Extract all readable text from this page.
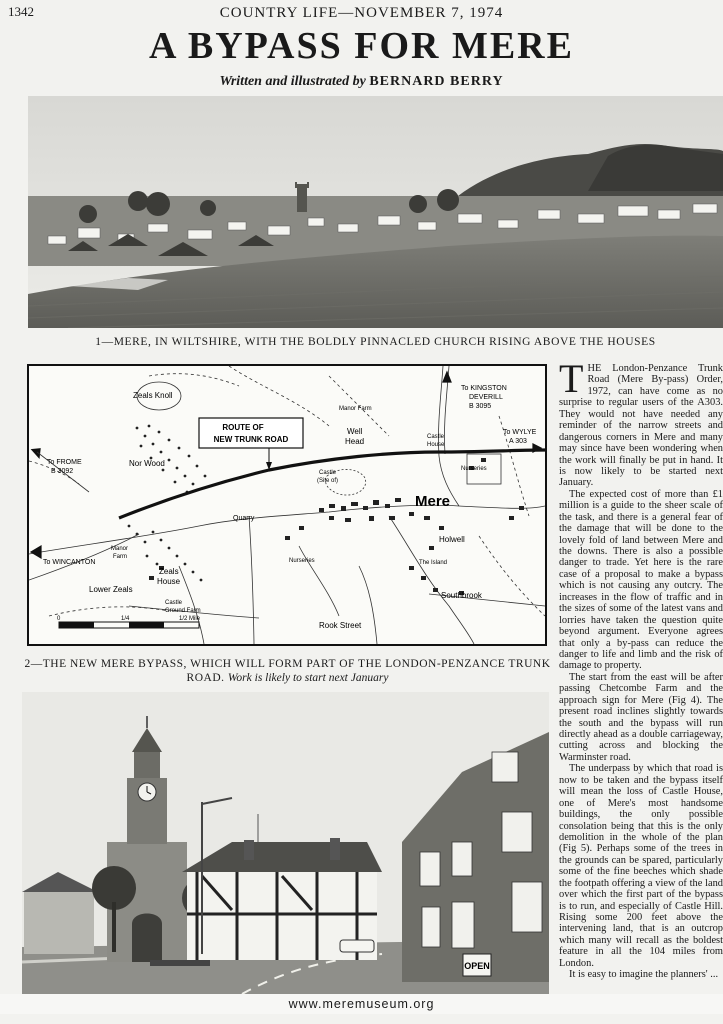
1342	COUNTRY LIFE—NOVEMBER 7, 1974
A BYPASS FOR MERE
Written and illustrated by BERNARD BERRY
1—MERE, IN WILTSHIRE, WITH THE BOLDLY PINNACLED CHURCH RISING ABOVE THE HOUSES
ROUTE OF
NEW TRUNK ROAD
Mere
To KINGSTON
DEVERILL
B 3095
To WYLYE
A 303
To FROME
B 3092
To WINCANTON
Zeals Knoll
Nor Wood
Manor Farm
Well
Head	Castle
House
Castle
(Site of)
Nurseries
Quarry
Nurseries
Holwell
The Island
Southbrook
Manor
Farm
Zeals
House
Lower Zeals
Castle
Ground Farm
Rook Street
0	1/4	1/2 Mile
2—THE NEW MERE BYPASS, WHICH WILL FORM PART OF THE LONDON-PENZANCE TRUNK ROAD. Work is likely to start next January
OPEN

THE London-Penzance Trunk Road (Mere By-pass) Order, 1972, can have come as no surprise to regular users of the A303. They would not have needed any reminder of the narrow streets and dangerous corners in Mere and many may since have been wondering when the work will finally be put in hand. It is now likely to be started next January.

The expected cost of more than £1 million is a guide to the sheer scale of the task, and there is a general fear of the damage that will be done to the lovely fold of land between Mere and the downs. There is also a possible danger to trade. Yet here is the rare case of a proposal to make a bypass which is not causing any outcry. The increases in the flow of traffic and in the sizes of some of the latest vans and lorries have taken the question quite beyond argument. Everyone agrees that only a by-pass can reduce the danger to life and limb and the risk of damage to property.

The start from the east will be after passing Chetcombe Farm and the approach sign for Mere (Fig 4). The present road inclines slightly towards the south and the bypass will run directly ahead as a double carriageway, cutting across and blocking the Warminster road.

The underpass by which that road is now to be taken and the bypass itself will mean the loss of Castle House, one of Mere's most handsome buildings, the only possible consolation being that this is the only demolition in the whole of the plan (Fig 5). Perhaps some of the trees in the grounds can be spared, particularly some of the fine beeches which shade the footpath offering a view of the land over which the first part of the bypass is to run, and especially of Castle Hill. Rising some 200 feet above the intervening land, that is an outcrop which many will recall as the boldest feature in all the 104 miles from London.

It is easy to imagine the planners' ...

www.meremuseum.org
